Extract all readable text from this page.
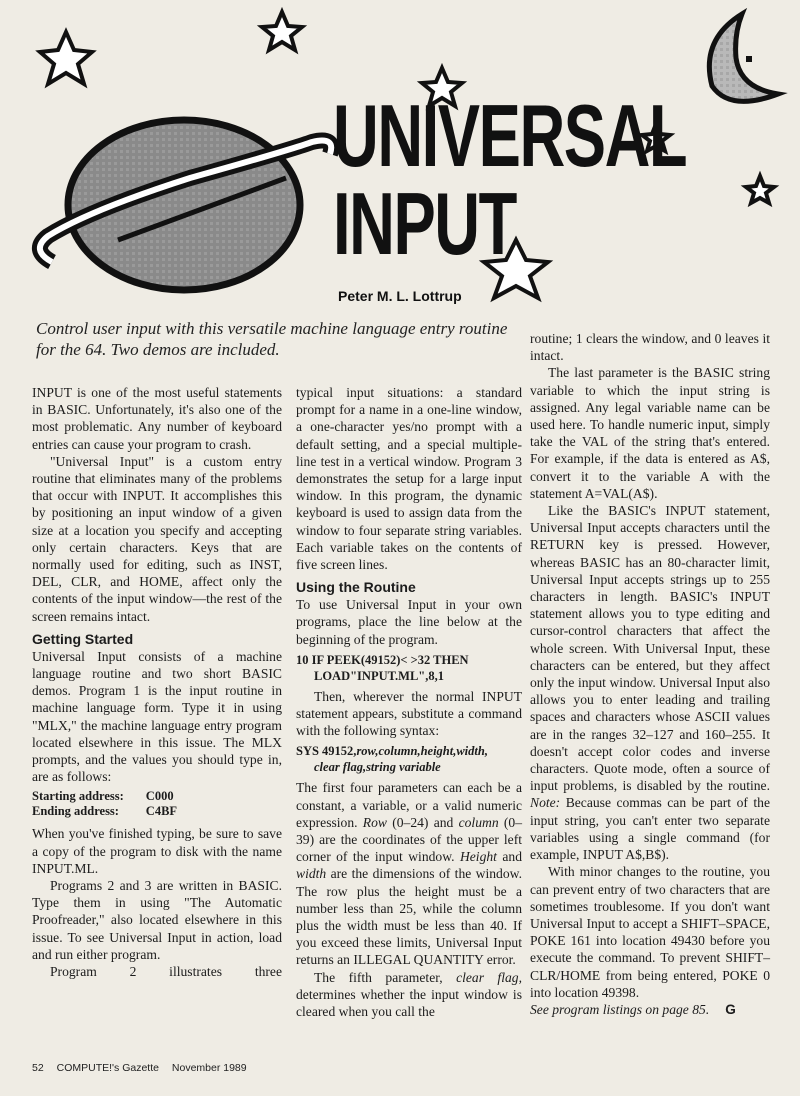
UNIVERSAL
INPUT
Peter M. L. Lottrup
Control user input with this versatile machine language entry routine for the 64. Two demos are included.

INPUT is one of the most useful statements in BASIC. Unfortunately, it's also one of the most problematic. Any number of keyboard entries can cause your program to crash.

"Universal Input" is a custom entry routine that eliminates many of the problems that occur with INPUT. It accomplishes this by positioning an input window of a given size at a location you specify and accepting only certain characters. Keys that are normally used for editing, such as INST, DEL, CLR, and HOME, affect only the contents of the input window—the rest of the screen remains intact.

Getting Started

Universal Input consists of a machine language routine and two short BASIC demos. Program 1 is the input routine in machine language form. Type it in using "MLX," the machine language entry program located elsewhere in this issue. The MLX prompts, and the values you should type in, are as follows:

Starting address:	C000
Ending address:	C4BF

When you've finished typing, be sure to save a copy of the program to disk with the name INPUT.ML.

Programs 2 and 3 are written in BASIC. Type them in using "The Automatic Proofreader," also located elsewhere in this issue. To see Universal Input in action, load and run either program.

Program 2 illustrates three

typical input situations: a standard prompt for a name in a one-line window, a one-character yes/no prompt with a default setting, and a special multiple-line test in a vertical window. Program 3 demonstrates the setup for a large input window. In this program, the dynamic keyboard is used to assign data from the window to four separate string variables. Each variable takes on the contents of five screen lines.

Using the Routine

To use Universal Input in your own programs, place the line below at the beginning of the program.

10 IF PEEK(49152)< >32 THEN
LOAD"INPUT.ML",8,1

Then, wherever the normal INPUT statement appears, substitute a command with the following syntax:

SYS 49152,row,column,height,width,
clear flag,string variable

The first four parameters can each be a constant, a variable, or a valid numeric expression. Row (0–24) and column (0–39) are the coordinates of the upper left corner of the input window. Height and width are the dimensions of the window. The row plus the height must be a number less than 25, while the column plus the width must be less than 40. If you exceed these limits, Universal Input returns an ILLEGAL QUANTITY error.

The fifth parameter, clear flag, determines whether the input window is cleared when you call the

routine; 1 clears the window, and 0 leaves it intact.

The last parameter is the BASIC string variable to which the input string is assigned. Any legal variable name can be used here. To handle numeric input, simply take the VAL of the string that's entered. For example, if the data is entered as A$, convert it to the variable A with the statement A=VAL(A$).

Like the BASIC's INPUT statement, Universal Input accepts characters until the RETURN key is pressed. However, whereas BASIC has an 80-character limit, Universal Input accepts strings up to 255 characters in length. BASIC's INPUT statement allows you to type editing and cursor-control characters that affect the whole screen. With Universal Input, these characters can be entered, but they affect only the input window. Universal Input also allows you to enter leading and trailing spaces and characters whose ASCII values are in the ranges 32–127 and 160–255. It doesn't accept color codes and inverse characters. Quote mode, often a source of input problems, is disabled by the routine. Note: Because commas can be part of the input string, you can't enter two separate variables using a single command (for example, INPUT A$,B$).

With minor changes to the routine, you can prevent entry of two characters that are sometimes troublesome. If you don't want Universal Input to accept a SHIFT–SPACE, POKE 161 into location 49430 before you execute the command. To prevent SHIFT–CLR/HOME from being entered, POKE 0 into location 49398.

See program listings on page 85. G

52 COMPUTE!'s Gazette November 1989
